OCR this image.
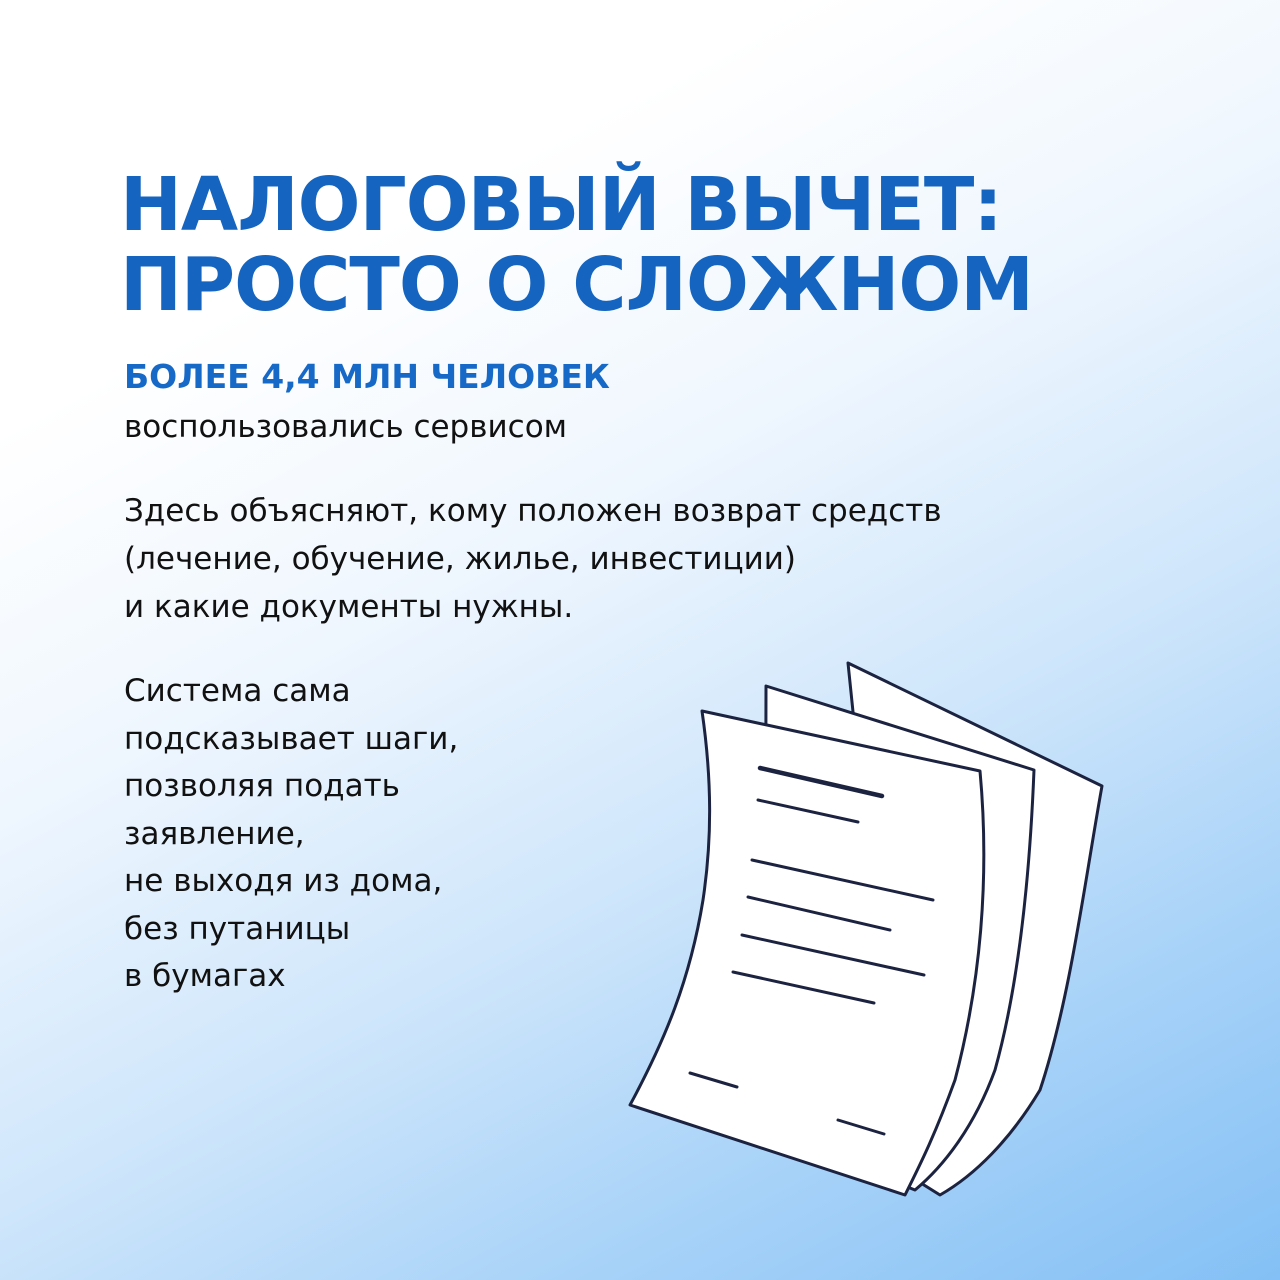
НАЛОГОВЫЙ ВЫЧЕТ:
ПРОСТО О СЛОЖНОМ
БОЛЕЕ 4,4 МЛН ЧЕЛОВЕК
воспользовались сервисом
Здесь объясняют, кому положен возврат средств
(лечение, обучение, жилье, инвестиции)
и какие документы нужны.
Система сама
подсказывает шаги,
позволяя подать
заявление,
не выходя из дома,
без путаницы
в бумагах
